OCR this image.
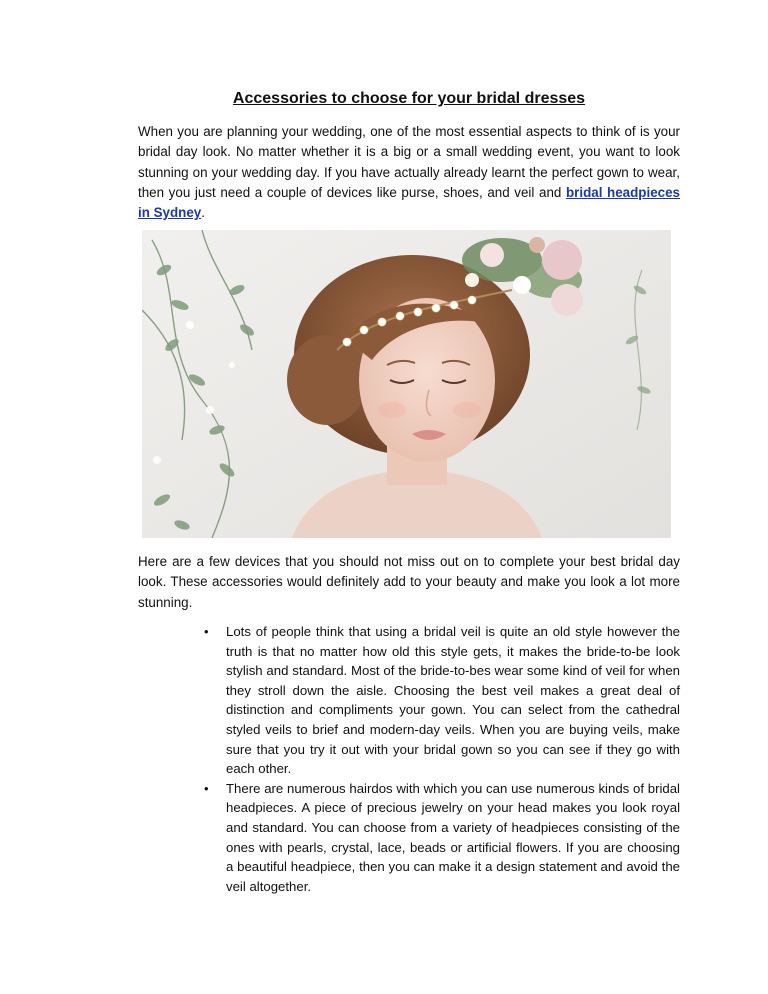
Accessories to choose for your bridal dresses

When you are planning your wedding, one of the most essential aspects to think of is your bridal day look. No matter whether it is a big or a small wedding event, you want to look stunning on your wedding day. If you have actually already learnt the perfect gown to wear, then you just need a couple of devices like purse, shoes, and veil and bridal headpieces in Sydney.

Here are a few devices that you should not miss out on to complete your best bridal day look. These accessories would definitely add to your beauty and make you look a lot more stunning.

• Lots of people think that using a bridal veil is quite an old style however the truth is that no matter how old this style gets, it makes the bride-to-be look stylish and standard. Most of the bride-to-bes wear some kind of veil for when they stroll down the aisle. Choosing the best veil makes a great deal of distinction and compliments your gown. You can select from the cathedral styled veils to brief and modern-day veils. When you are buying veils, make sure that you try it out with your bridal gown so you can see if they go with each other.
• There are numerous hairdos with which you can use numerous kinds of bridal headpieces. A piece of precious jewelry on your head makes you look royal and standard. You can choose from a variety of headpieces consisting of the ones with pearls, crystal, lace, beads or artificial flowers. If you are choosing a beautiful headpiece, then you can make it a design statement and avoid the veil altogether.
